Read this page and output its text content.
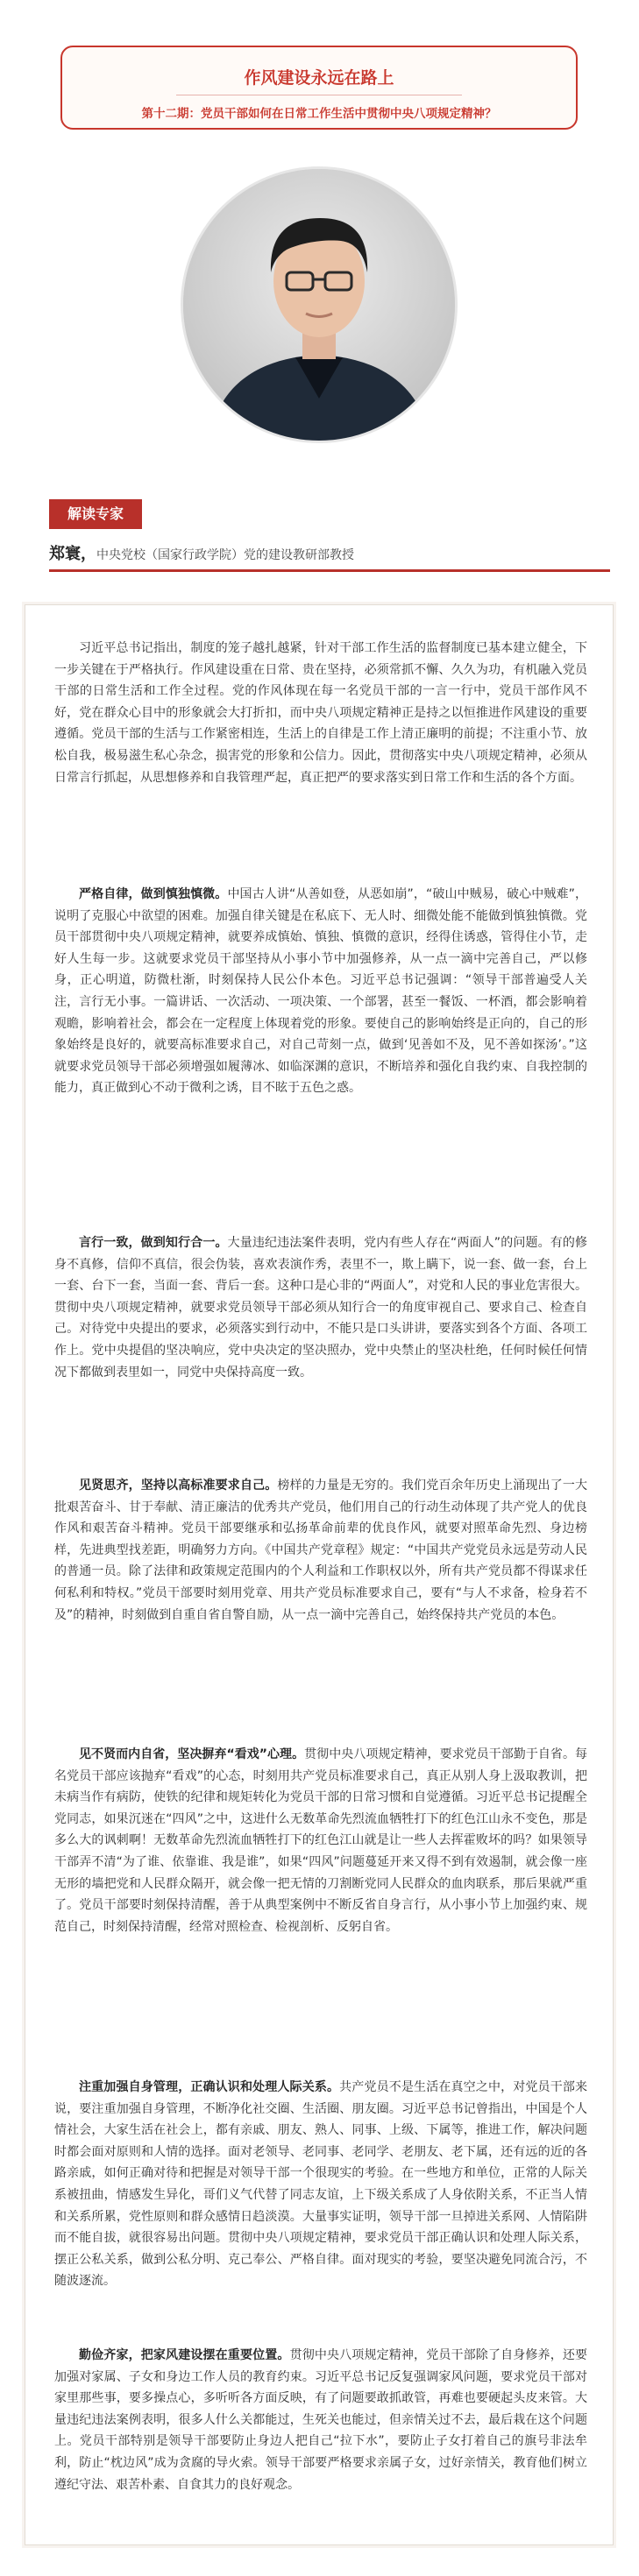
作风建设永远在路上
第十二期：党员干部如何在日常工作生活中贯彻中央八项规定精神？
解读专家
郑寰，中央党校（国家行政学院）党的建设教研部教授

习近平总书记指出，制度的笼子越扎越紧，针对干部工作生活的监督制度已基本建立健全，下一步关键在于严格执行。作风建设重在日常、贵在坚持，必须常抓不懈、久久为功，有机融入党员干部的日常生活和工作全过程。党的作风体现在每一名党员干部的一言一行中，党员干部作风不好，党在群众心目中的形象就会大打折扣，而中央八项规定精神正是持之以恒推进作风建设的重要遵循。党员干部的生活与工作紧密相连，生活上的自律是工作上清正廉明的前提；不注重小节、放松自我，极易滋生私心杂念，损害党的形象和公信力。因此，贯彻落实中央八项规定精神，必须从日常言行抓起，从思想修养和自我管理严起，真正把严的要求落实到日常工作和生活的各个方面。

严格自律，做到慎独慎微。中国古人讲“从善如登，从恶如崩”，“破山中贼易，破心中贼难”，说明了克服心中欲望的困难。加强自律关键是在私底下、无人时、细微处能不能做到慎独慎微。党员干部贯彻中央八项规定精神，就要养成慎始、慎独、慎微的意识，经得住诱惑，管得住小节，走好人生每一步。这就要求党员干部坚持从小事小节中加强修养，从一点一滴中完善自己，严以修身，正心明道，防微杜渐，时刻保持人民公仆本色。习近平总书记强调：“领导干部普遍受人关注，言行无小事。一篇讲话、一次活动、一项决策、一个部署，甚至一餐饭、一杯酒，都会影响着观瞻，影响着社会，都会在一定程度上体现着党的形象。要使自己的影响始终是正向的，自己的形象始终是良好的，就要高标准要求自己，对自己苛刻一点，做到‘见善如不及，见不善如探汤’。”这就要求党员领导干部必须增强如履薄冰、如临深渊的意识，不断培养和强化自我约束、自我控制的能力，真正做到心不动于微利之诱，目不眩于五色之惑。

言行一致，做到知行合一。大量违纪违法案件表明，党内有些人存在“两面人”的问题。有的修身不真修，信仰不真信，很会伪装，喜欢表演作秀，表里不一，欺上瞒下，说一套、做一套，台上一套、台下一套，当面一套、背后一套。这种口是心非的“两面人”，对党和人民的事业危害很大。贯彻中央八项规定精神，就要求党员领导干部必须从知行合一的角度审视自己、要求自己、检查自己。对待党中央提出的要求，必须落实到行动中，不能只是口头讲讲，要落实到各个方面、各项工作上。党中央提倡的坚决响应，党中央决定的坚决照办，党中央禁止的坚决杜绝，任何时候任何情况下都做到表里如一，同党中央保持高度一致。

见贤思齐，坚持以高标准要求自己。榜样的力量是无穷的。我们党百余年历史上涌现出了一大批艰苦奋斗、甘于奉献、清正廉洁的优秀共产党员，他们用自己的行动生动体现了共产党人的优良作风和艰苦奋斗精神。党员干部要继承和弘扬革命前辈的优良作风，就要对照革命先烈、身边榜样，先进典型找差距，明确努力方向。《中国共产党章程》规定：“中国共产党党员永远是劳动人民的普通一员。除了法律和政策规定范围内的个人利益和工作职权以外，所有共产党员都不得谋求任何私利和特权。”党员干部要时刻用党章、用共产党员标准要求自己，要有“与人不求备，检身若不及”的精神，时刻做到自重自省自警自励，从一点一滴中完善自己，始终保持共产党员的本色。

见不贤而内自省，坚决摒弃“看戏”心理。贯彻中央八项规定精神，要求党员干部勤于自省。每名党员干部应该抛弃“看戏”的心态，时刻用共产党员标准要求自己，真正从别人身上汲取教训，把未病当作有病防，使铁的纪律和规矩转化为党员干部的日常习惯和自觉遵循。习近平总书记提醒全党同志，如果沉迷在“四风”之中，这进什么无数革命先烈流血牺牲打下的红色江山永不变色，那是多么大的讽刺啊！无数革命先烈流血牺牲打下的红色江山就是让一些人去挥霍败坏的吗？如果领导干部弄不清“为了谁、依靠谁、我是谁”，如果“四风”问题蔓延开来又得不到有效遏制，就会像一座无形的墙把党和人民群众隔开，就会像一把无情的刀割断党同人民群众的血肉联系，那后果就严重了。党员干部要时刻保持清醒，善于从典型案例中不断反省自身言行，从小事小节上加强约束、规范自己，时刻保持清醒，经常对照检查、检视剖析、反躬自省。

注重加强自身管理，正确认识和处理人际关系。共产党员不是生活在真空之中，对党员干部来说，要注重加强自身管理，不断净化社交圈、生活圈、朋友圈。习近平总书记曾指出，中国是个人情社会，大家生活在社会上，都有亲戚、朋友、熟人、同事、上级、下属等，推进工作，解决问题时都会面对原则和人情的选择。面对老领导、老同事、老同学、老朋友、老下属，还有远的近的各路亲戚，如何正确对待和把握是对领导干部一个很现实的考验。在一些地方和单位，正常的人际关系被扭曲，情感发生异化，哥们义气代替了同志友谊，上下级关系成了人身依附关系，不正当人情和关系所累，党性原则和群众感情日趋淡漠。大量事实证明，领导干部一旦掉进关系网、人情陷阱而不能自拔，就很容易出问题。贯彻中央八项规定精神，要求党员干部正确认识和处理人际关系，摆正公私关系，做到公私分明、克己奉公、严格自律。面对现实的考验，要坚决避免同流合污，不随波逐流。

勤俭齐家，把家风建设摆在重要位置。贯彻中央八项规定精神，党员干部除了自身修养，还要加强对家属、子女和身边工作人员的教育约束。习近平总书记反复强调家风问题，要求党员干部对家里那些事，要多操点心，多听听各方面反映，有了问题要敢抓敢管，再难也要硬起头皮来管。大量违纪违法案例表明，很多人什么关都能过，生死关也能过，但亲情关过不去，最后栽在这个问题上。党员干部特别是领导干部要防止身边人把自己“拉下水”，要防止子女打着自己的旗号非法牟利，防止“枕边风”成为贪腐的导火索。领导干部要严格要求亲属子女，过好亲情关，教育他们树立遵纪守法、艰苦朴素、自食其力的良好观念。
